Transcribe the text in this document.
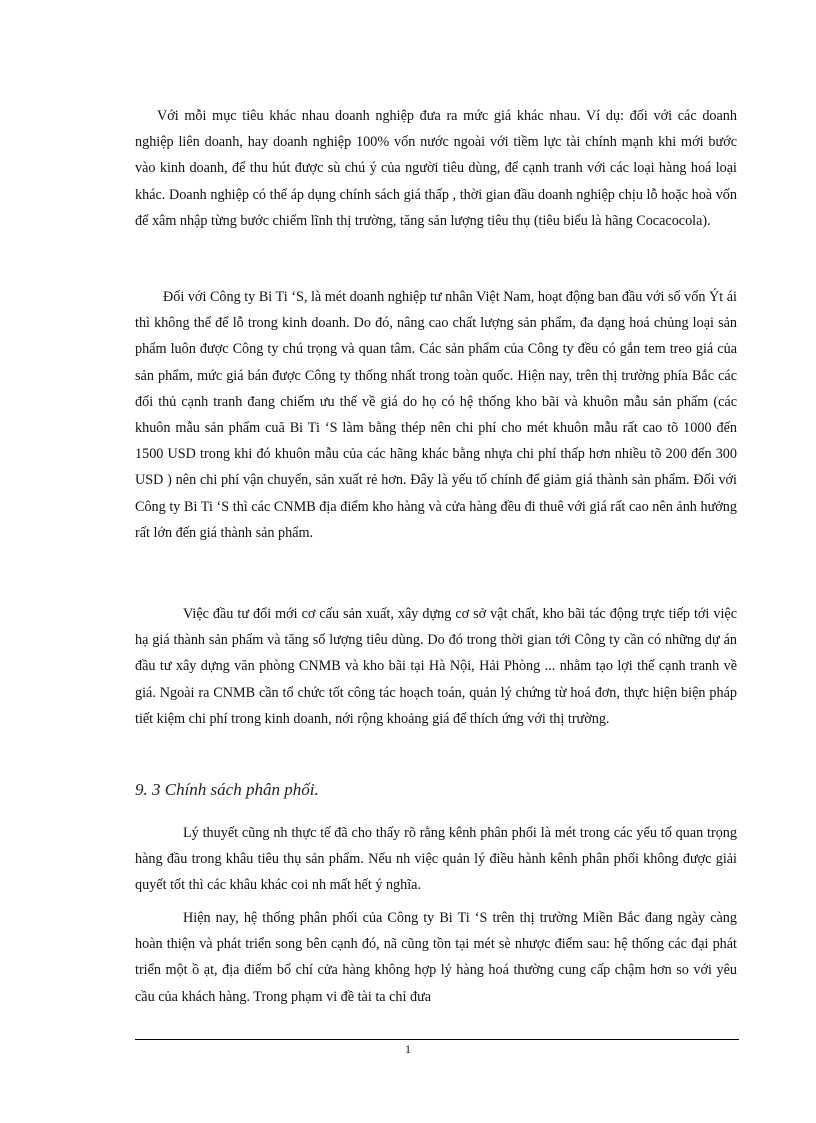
Với mỗi mục tiêu khác nhau doanh nghiệp đưa ra mức giá khác nhau. Ví dụ: đối với các doanh nghiệp liên doanh, hay doanh nghiệp 100% vốn nước ngoài với tiềm lực tài chính mạnh khi mới bước vào kinh doanh, để thu hút được sù chú ý của người tiêu dùng, để cạnh tranh với các loại hàng hoá loại khác. Doanh nghiệp có thể áp dụng chính sách giá thấp , thời gian đầu doanh nghiệp chịu lỗ hoặc hoà vốn để xâm nhập từng bước chiếm lĩnh thị trường, tăng sản lượng tiêu thụ (tiêu biểu là hãng Cocacocola).

Đối với Công ty Bi Ti ‘S, là mét doanh nghiệp tư nhân Việt Nam, hoạt động ban đầu với số vốn Ýt ái thì không thể để lỗ trong kinh doanh. Do đó, nâng cao chất lượng sản phẩm, đa dạng hoá chủng loại sản phẩm luôn được Công ty chú trọng và quan tâm. Các sản phẩm của Công ty đều có gắn tem treo giá của sản phẩm, mức giá bán được Công ty thống nhất trong toàn quốc. Hiện nay, trên thị trường phía Bắc các đối thủ cạnh tranh đang chiếm ưu thế về giá do họ có hệ thống kho bãi và khuôn mẫu sản phẩm (các khuôn mẫu sản phẩm cuă Bi Ti ‘S làm bằng thép nên chi phí cho mét khuôn mẫu rất cao tõ 1000 đến 1500 USD trong khi đó khuôn mẫu của các hãng khác bằng nhựa chi phí thấp hơn nhiều tõ 200 đến 300 USD ) nên chi phí vận chuyển, sản xuất rẻ hơn. Đây là yếu tố chính để giảm giá thành sản phẩm. Đối với Công ty Bi Ti ‘S thì các CNMB địa điểm kho hàng và cửa hàng đều đi thuê với giá rất cao nên ảnh hưởng rất lớn đến giá thành sản phẩm.

Việc đầu tư đổi mới cơ cấu sản xuất, xây dựng cơ sở vật chất, kho bãi tác động trực tiếp tới việc hạ giá thành sản phẩm và tăng số lượng tiêu dùng. Do đó trong thời gian tới Công ty cần có những dự án đầu tư xây dựng văn phòng CNMB và kho bãi tại Hà Nội, Hải Phòng ... nhằm tạo lợi thế cạnh tranh về giá. Ngoài ra CNMB cần tổ chức tốt công tác hoạch toán, quản lý chứng từ hoá đơn, thực hiện biện pháp tiết kiệm chi phí trong kinh doanh, nới rộng khoảng giá để thích ứng với thị trường.

9. 3 Chính sách phân phối.

Lý thuyết cũng nh thực tế đã cho thấy rõ rằng kênh phân phối là mét trong các yếu tố quan trọng hàng đầu trong khâu tiêu thụ sản phẩm. Nếu nh việc quản lý điều hành kênh phân phối không được giải quyết tốt thì các khâu khác coi nh mất hết ý nghĩa.

Hiện nay, hệ thống phân phối của Công ty Bi Ti ‘S trên thị trường Miền Bắc đang ngày càng hoàn thiện và phát triển song bên cạnh đó, nã cũng tồn tại mét sè nhược điểm sau: hệ thống các đại phát triển một ồ ạt, địa điểm bố chí cửa hàng không hợp lý hàng hoá thường cung cấp chậm hơn so với yêu cầu của khách hàng. Trong phạm vi đề tài ta chỉ đưa

1
